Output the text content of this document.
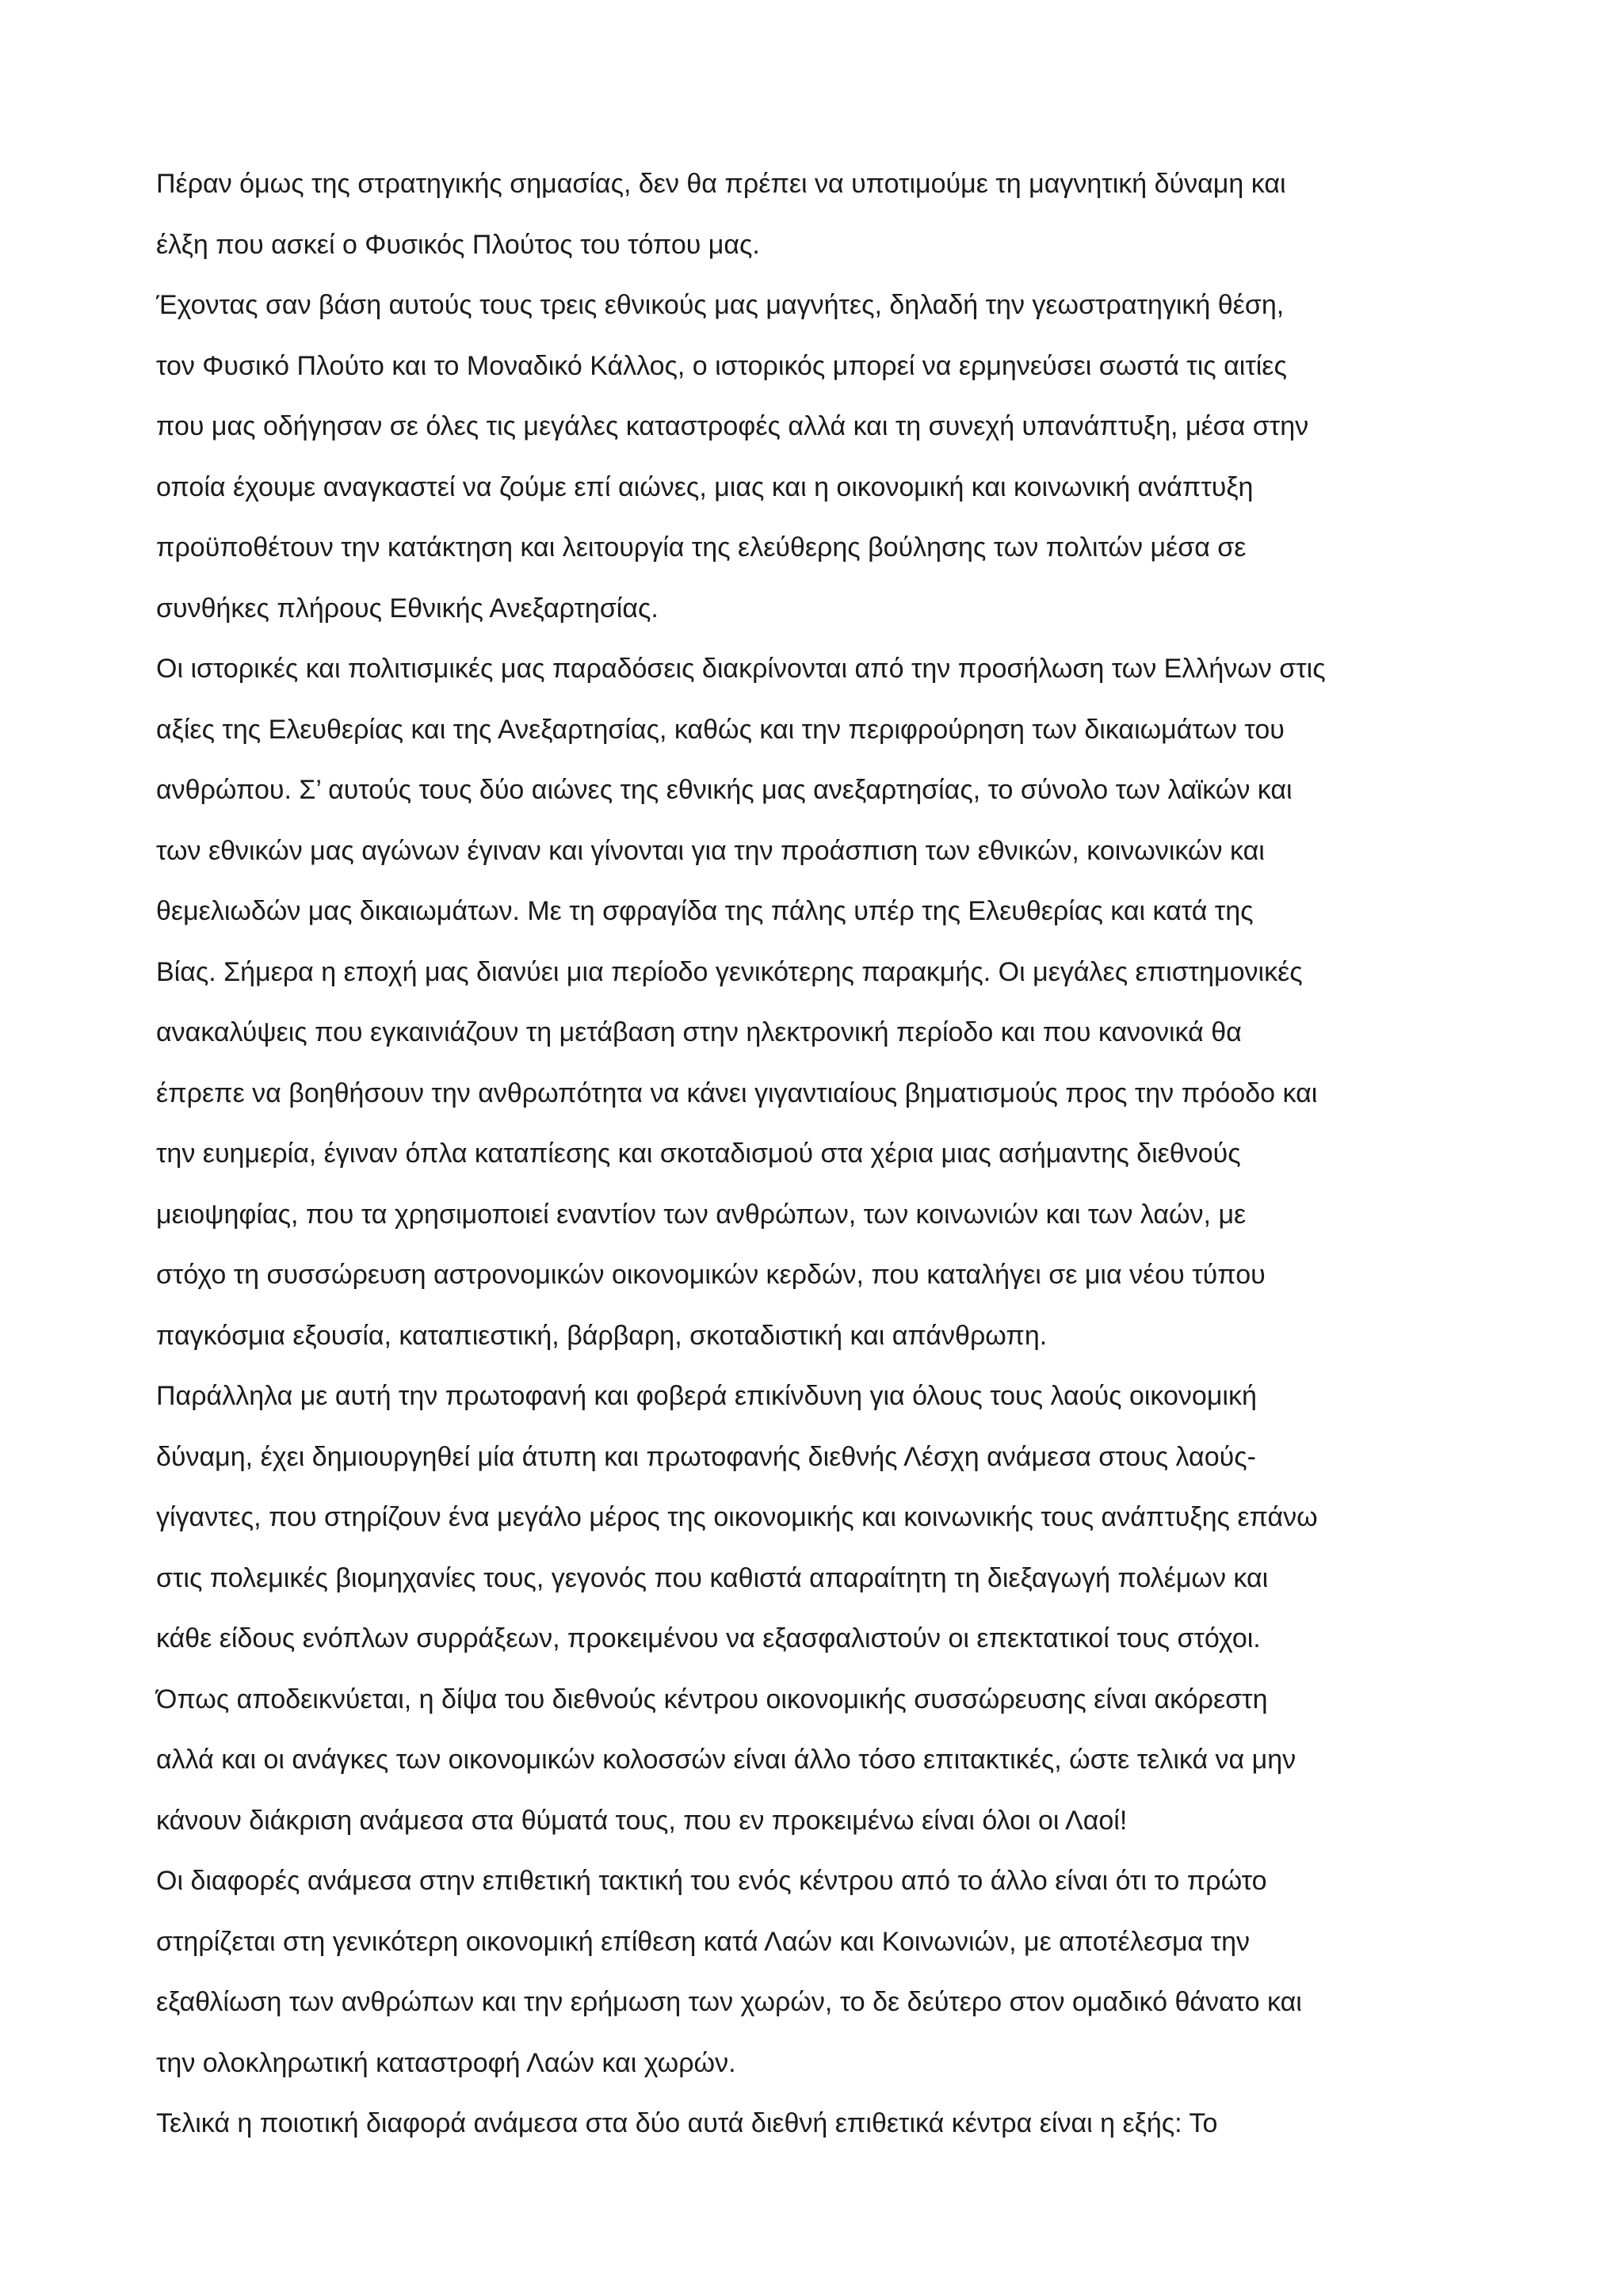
Πέραν όμως της στρατηγικής σημασίας, δεν θα πρέπει να υποτιμούμε τη μαγνητική δύναμη και
έλξη που ασκεί ο Φυσικός Πλούτος του τόπου μας.
Έχοντας σαν βάση αυτούς τους τρεις εθνικούς μας μαγνήτες, δηλαδή την γεωστρατηγική θέση,
τον Φυσικό Πλούτο και το Μοναδικό Κάλλος, ο ιστορικός μπορεί να ερμηνεύσει σωστά τις αιτίες
που μας οδήγησαν σε όλες τις μεγάλες καταστροφές αλλά και τη συνεχή υπανάπτυξη, μέσα στην
οποία έχουμε αναγκαστεί να ζούμε επί αιώνες, μιας και η οικονομική και κοινωνική ανάπτυξη
προϋποθέτουν την κατάκτηση και λειτουργία της ελεύθερης βούλησης των πολιτών μέσα σε
συνθήκες πλήρους Εθνικής Ανεξαρτησίας.
Οι ιστορικές και πολιτισμικές μας παραδόσεις διακρίνονται από την προσήλωση των Ελλήνων στις
αξίες της Ελευθερίας και της Ανεξαρτησίας, καθώς και την περιφρούρηση των δικαιωμάτων του
ανθρώπου. Σ’ αυτούς τους δύο αιώνες της εθνικής μας ανεξαρτησίας, το σύνολο των λαϊκών και
των εθνικών μας αγώνων έγιναν και γίνονται για την προάσπιση των εθνικών, κοινωνικών και
θεμελιωδών μας δικαιωμάτων. Με τη σφραγίδα της πάλης υπέρ της Ελευθερίας και κατά της
Βίας. Σήμερα η εποχή μας διανύει μια περίοδο γενικότερης παρακμής. Οι μεγάλες επιστημονικές
ανακαλύψεις που εγκαινιάζουν τη μετάβαση στην ηλεκτρονική περίοδο και που κανονικά θα
έπρεπε να βοηθήσουν την ανθρωπότητα να κάνει γιγαντιαίους βηματισμούς προς την πρόοδο και
την ευημερία, έγιναν όπλα καταπίεσης και σκοταδισμού στα χέρια μιας ασήμαντης διεθνούς
μειοψηφίας, που τα χρησιμοποιεί εναντίον των ανθρώπων, των κοινωνιών και των λαών, με
στόχο τη συσσώρευση αστρονομικών οικονομικών κερδών, που καταλήγει σε μια νέου τύπου
παγκόσμια εξουσία, καταπιεστική, βάρβαρη, σκοταδιστική και απάνθρωπη.
Παράλληλα με αυτή την πρωτοφανή και φοβερά επικίνδυνη για όλους τους λαούς οικονομική
δύναμη, έχει δημιουργηθεί μία άτυπη και πρωτοφανής διεθνής Λέσχη ανάμεσα στους λαούς-
γίγαντες, που στηρίζουν ένα μεγάλο μέρος της οικονομικής και κοινωνικής τους ανάπτυξης επάνω
στις πολεμικές βιομηχανίες τους, γεγονός που καθιστά απαραίτητη τη διεξαγωγή πολέμων και
κάθε είδους ενόπλων συρράξεων, προκειμένου να εξασφαλιστούν οι επεκτατικοί τους στόχοι.
Όπως αποδεικνύεται, η δίψα του διεθνούς κέντρου οικονομικής συσσώρευσης είναι ακόρεστη
αλλά και οι ανάγκες των οικονομικών κολοσσών είναι άλλο τόσο επιτακτικές, ώστε τελικά να μην
κάνουν διάκριση ανάμεσα στα θύματά τους, που εν προκειμένω είναι όλοι οι Λαοί!
Οι διαφορές ανάμεσα στην επιθετική τακτική του ενός κέντρου από το άλλο είναι ότι το πρώτο
στηρίζεται στη γενικότερη οικονομική επίθεση κατά Λαών και Κοινωνιών, με αποτέλεσμα την
εξαθλίωση των ανθρώπων και την ερήμωση των χωρών, το δε δεύτερο στον ομαδικό θάνατο και
την ολοκληρωτική καταστροφή Λαών και χωρών.
Τελικά η ποιοτική διαφορά ανάμεσα στα δύο αυτά διεθνή επιθετικά κέντρα είναι η εξής: Το
